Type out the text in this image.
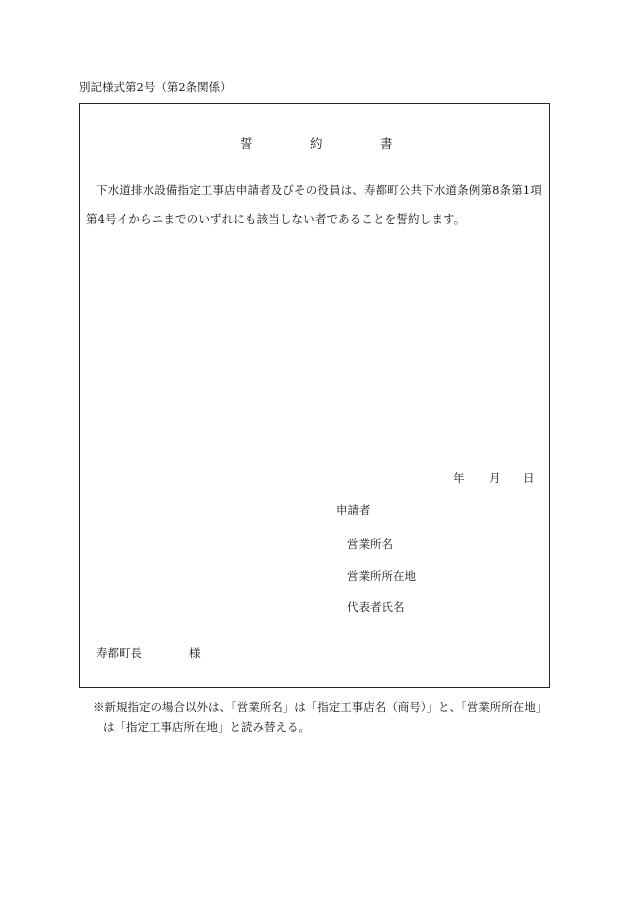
別記様式第2号（第2条関係）
誓	約	書
下水道排水設備指定工事店申請者及びその役員は、寿都町公共下水道条例第8条第1項
第4号イからニまでのいずれにも該当しない者であることを誓約します。
年 月 日
申請者
営業所名
営業所所在地
代表者氏名
寿都町長	様
※新規指定の場合以外は、「営業所名」は「指定工事店名（商号）」と、「営業所所在地」
は「指定工事店所在地」と読み替える。
